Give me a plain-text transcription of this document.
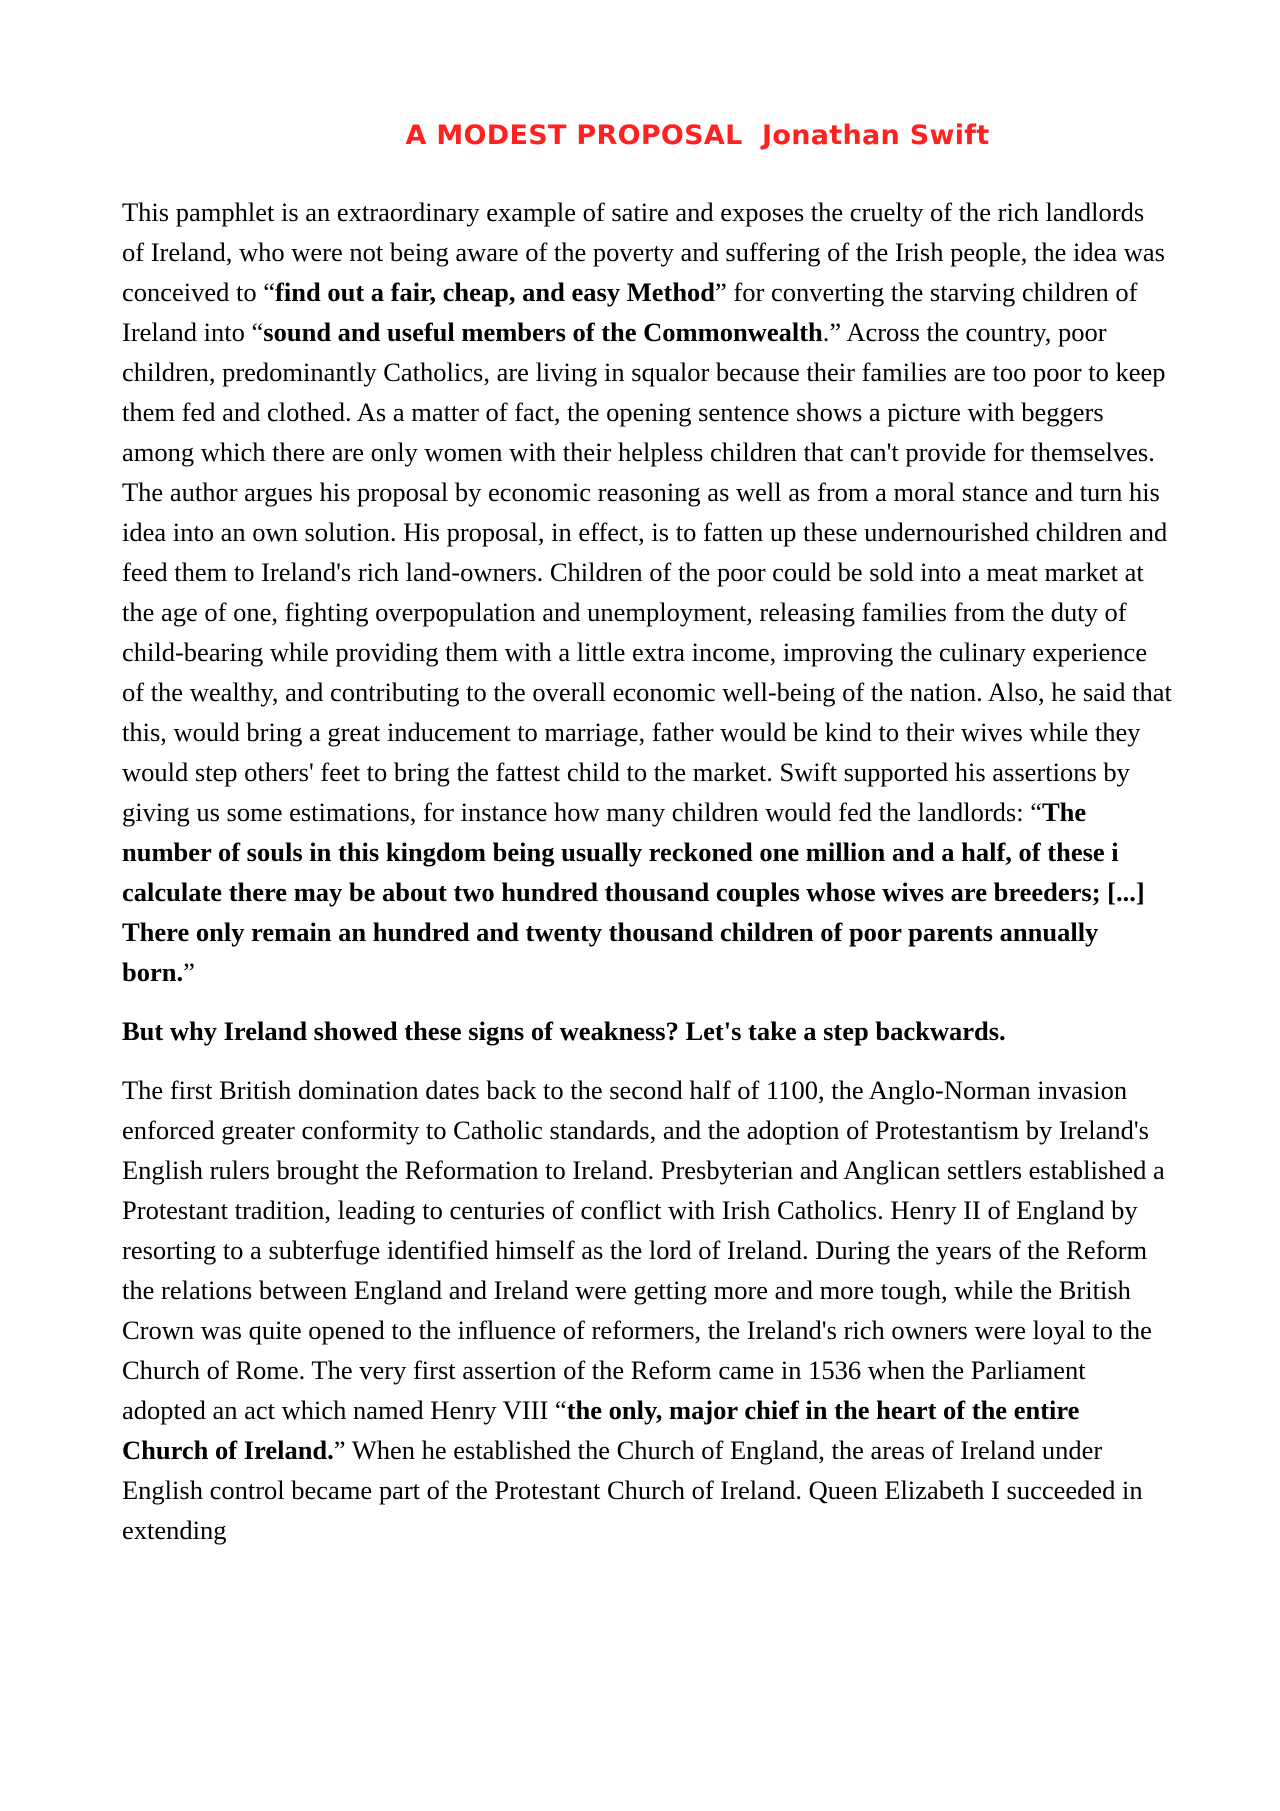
A MODEST PROPOSAL  Jonathan Swift

This pamphlet is an extraordinary example of satire and exposes the cruelty of the rich landlords of Ireland, who were not being aware of the poverty and suffering of the Irish people, the idea was conceived to “find out a fair, cheap, and easy Method” for converting the starving children of Ireland into “sound and useful members of the Commonwealth.” Across the country, poor children, predominantly Catholics, are living in squalor because their families are too poor to keep them fed and clothed. As a matter of fact, the opening sentence shows a picture with beggers among which there are only women with their helpless children that can't provide for themselves. The author argues his proposal by economic reasoning as well as from a moral stance and turn his idea into an own solution. His proposal, in effect, is to fatten up these undernourished children and feed them to Ireland's rich land-owners. Children of the poor could be sold into a meat market at the age of one, fighting overpopulation and unemployment, releasing families from the duty of child-bearing while providing them with a little extra income, improving the culinary experience of the wealthy, and contributing to the overall economic well-being of the nation. Also, he said that this, would bring a great inducement to marriage, father would be kind to their wives while they would step others' feet to bring the fattest child to the market. Swift supported his assertions by giving us some estimations, for instance how many children would fed the landlords: “The number of souls in this kingdom being usually reckoned one million and a half, of these i calculate there may be about two hundred thousand couples whose wives are breeders; [...] There only remain an hundred and twenty thousand children of poor parents annually born.”

But why Ireland showed these signs of weakness? Let's take a step backwards.

The first British domination dates back to the second half of 1100, the Anglo-Norman invasion enforced greater conformity to Catholic standards, and the adoption of Protestantism by Ireland's English rulers brought the Reformation to Ireland. Presbyterian and Anglican settlers established a Protestant tradition, leading to centuries of conflict with Irish Catholics. Henry II of England by resorting to a subterfuge identified himself as the lord of Ireland. During the years of the Reform the relations between England and Ireland were getting more and more tough, while the British Crown was quite opened to the influence of reformers, the Ireland's rich owners were loyal to the Church of Rome. The very first assertion of the Reform came in 1536 when the Parliament adopted an act which named Henry VIII “the only, major chief in the heart of the entire Church of Ireland.” When he established the Church of England, the areas of Ireland under English control became part of the Protestant Church of Ireland. Queen Elizabeth I succeeded in extending
